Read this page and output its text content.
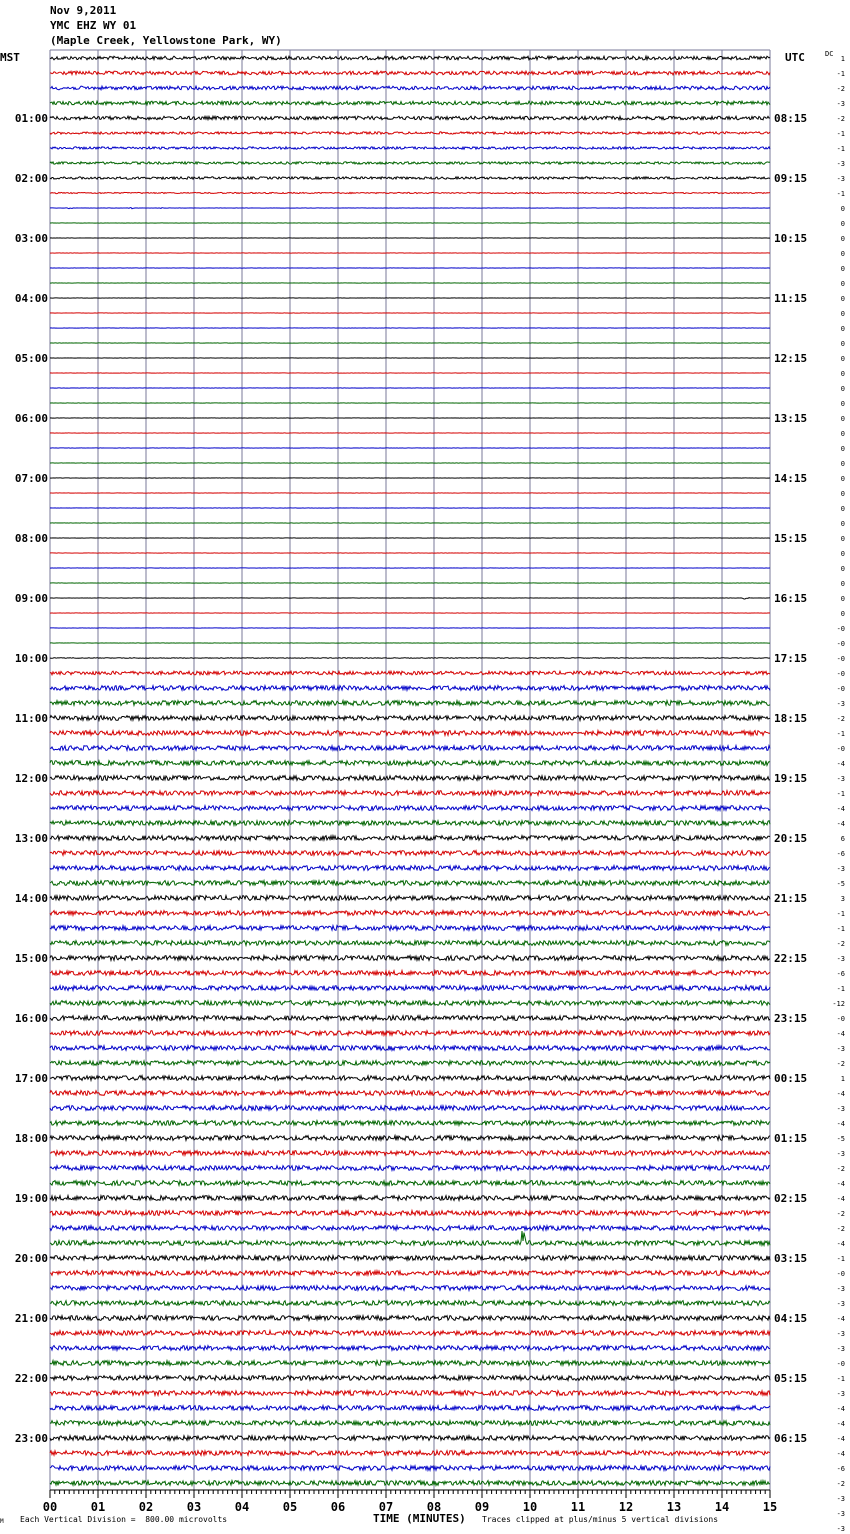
Nov 9,2011
YMC EHZ WY 01
(Maple Creek, Yellowstone Park, WY)
MST	UTC	DC
01:00	08:15
02:00	09:15
03:00	10:15
04:00	11:15
05:00	12:15
06:00	13:15
07:00	14:15
08:00	15:15
09:00	16:15
10:00	17:15
11:00	18:15
12:00	19:15
13:00	20:15
14:00	21:15
15:00	22:15
16:00	23:15
17:00	00:15
18:00	01:15
19:00	02:15
20:00	03:15
21:00	04:15
22:00	05:15
23:00	06:15
1
-1
-2
-3
-2
-1
-1
-3
-3
-1
0
0
0
0
0
0
0
0
0
0
0
0
0
0
0
0
0
0
0
0
0
0
0
0
0
0
0
0
-0
-0
-0
-0
-0
-3
-2
-1
-0
-4
-3
-1
-4
-4
6
-6
-3
-5
3
-1
-1
-2
-3
-6
-1
-12
-0
-4
-3
-2
1
-4
-3
-4
-5
-3
-2
-4
-4
-2
-2
-4
-1
-0
-3
-3
-4
-3
-3
-0
-1
-3
-4
-4
-4
-4
-6
-2
-3
-3
-3
00	01	02	03	04	05	06	07	08	09	10	11	12	13	14	15
M Each Vertical Division =  800.00 microvolts	TIME (MINUTES) Traces clipped at plus/minus 5 vertical divisions
